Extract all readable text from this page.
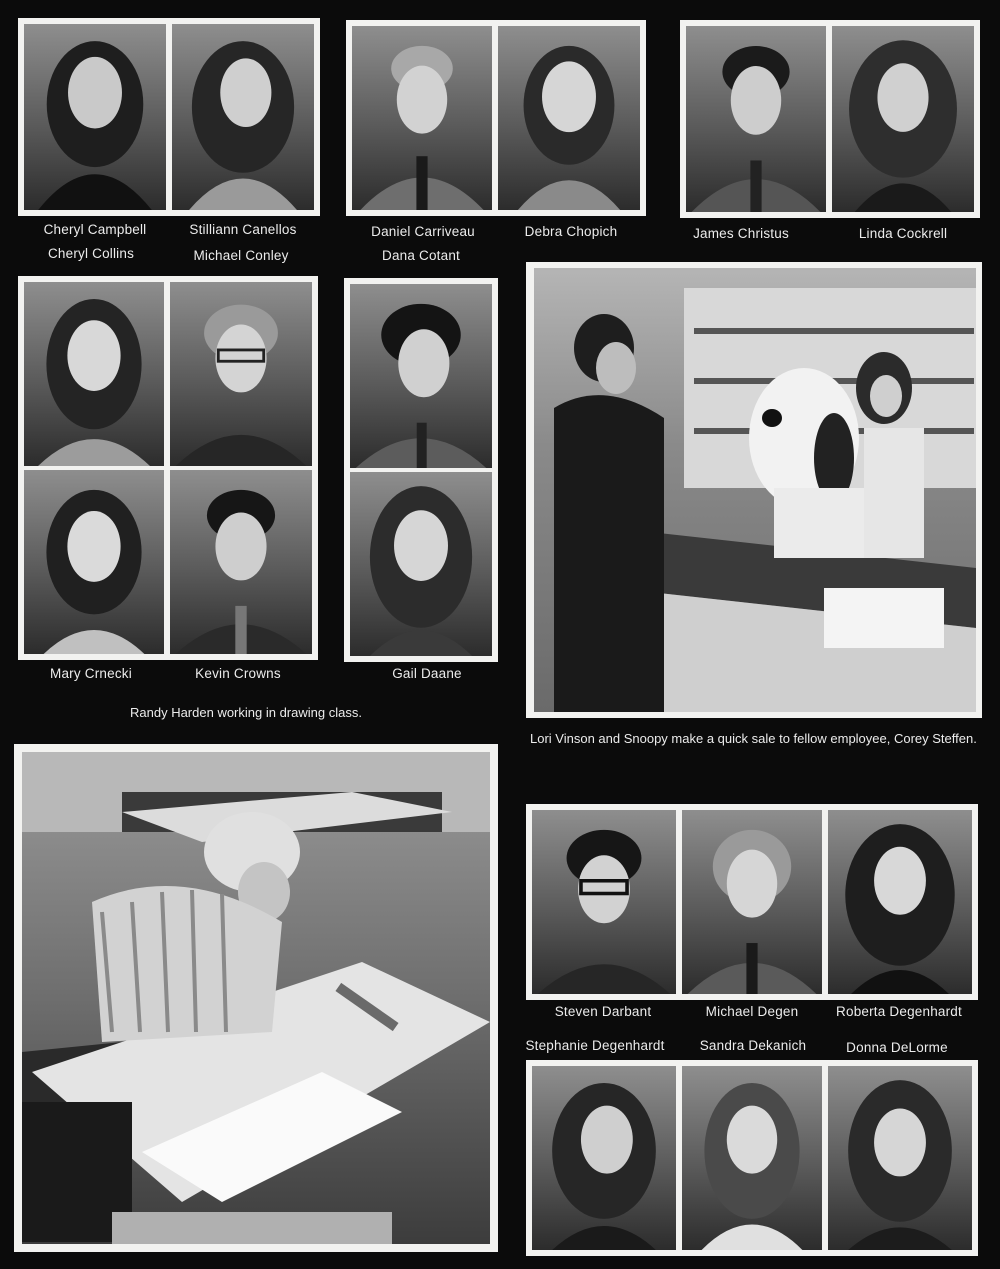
Cheryl Campbell	Stilliann Canellos	Daniel Carriveau	Debra Chopich	James Christus	Linda Cockrell
Cheryl Collins	Michael Conley	Dana Cotant
Mary Crnecki	Kevin Crowns	Gail Daane
Randy Harden working in drawing class.
Lori Vinson and Snoopy make a quick sale to fellow employee, Corey Steffen.
Steven Darbant	Michael Degen	Roberta Degenhardt
Stephanie Degenhardt	Sandra Dekanich	Donna DeLorme
